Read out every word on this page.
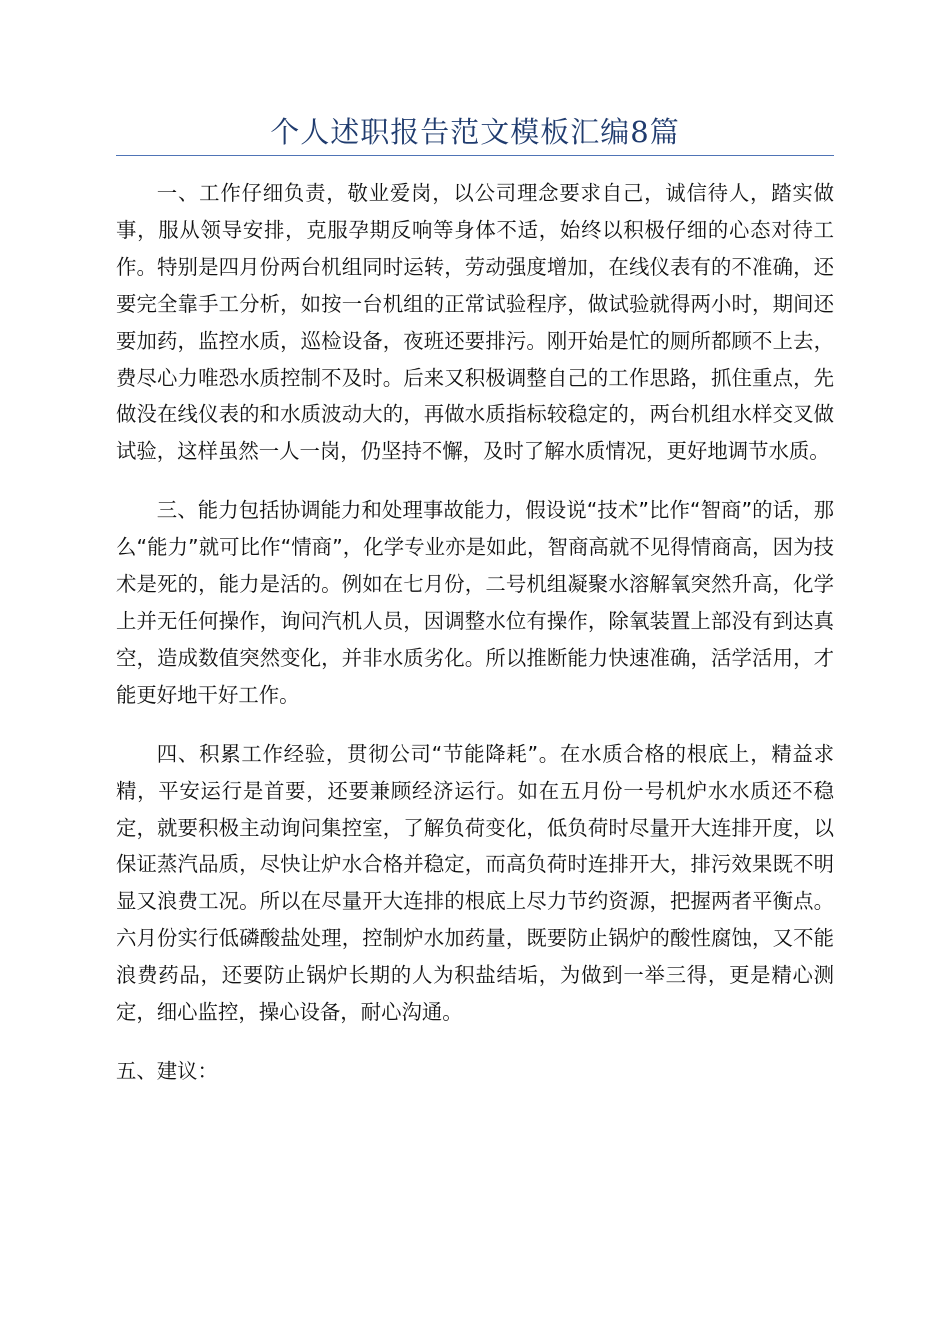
个人述职报告范文模板汇编8篇

一、工作仔细负责，敬业爱岗，以公司理念要求自己，诚信待人，踏实做事，服从领导安排，克服孕期反响等身体不适，始终以积极仔细的心态对待工作。特别是四月份两台机组同时运转，劳动强度增加，在线仪表有的不准确，还要完全靠手工分析，如按一台机组的正常试验程序，做试验就得两小时，期间还要加药，监控水质，巡检设备，夜班还要排污。刚开始是忙的厕所都顾不上去，费尽心力唯恐水质控制不及时。后来又积极调整自己的工作思路，抓住重点，先做没在线仪表的和水质波动大的，再做水质指标较稳定的，两台机组水样交叉做试验，这样虽然一人一岗，仍坚持不懈，及时了解水质情况，更好地调节水质。

三、能力包括协调能力和处理事故能力，假设说“技术”比作“智商”的话，那么“能力”就可比作“情商”，化学专业亦是如此，智商高就不见得情商高，因为技术是死的，能力是活的。例如在七月份，二号机组凝聚水溶解氧突然升高，化学上并无任何操作，询问汽机人员，因调整水位有操作，除氧装置上部没有到达真空，造成数值突然变化，并非水质劣化。所以推断能力快速准确，活学活用，才能更好地干好工作。

四、积累工作经验，贯彻公司“节能降耗”。在水质合格的根底上，精益求精，平安运行是首要，还要兼顾经济运行。如在五月份一号机炉水水质还不稳定，就要积极主动询问集控室，了解负荷变化，低负荷时尽量开大连排开度，以保证蒸汽品质，尽快让炉水合格并稳定，而高负荷时连排开大，排污效果既不明显又浪费工况。所以在尽量开大连排的根底上尽力节约资源，把握两者平衡点。六月份实行低磷酸盐处理，控制炉水加药量，既要防止锅炉的酸性腐蚀，又不能浪费药品，还要防止锅炉长期的人为积盐结垢，为做到一举三得，更是精心测定，细心监控，操心设备，耐心沟通。

五、建议：
